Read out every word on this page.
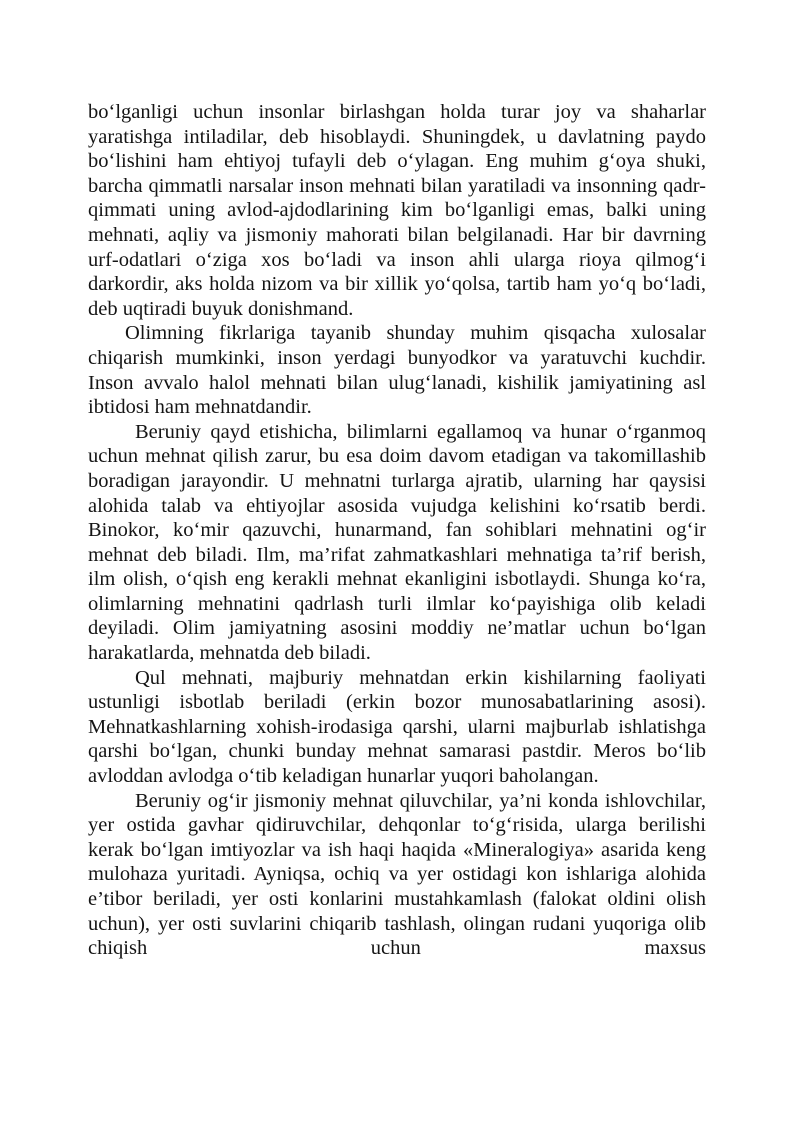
bo‘lganligi uchun insonlar birlashgan holda turar joy va shaharlar yaratishga intiladilar, deb hisoblaydi. Shuningdek, u davlatning paydo bo‘lishini ham ehtiyoj tufayli deb o‘ylagan. Eng muhim g‘oya shuki, barcha qimmatli narsalar inson mehnati bilan yaratiladi va insonning qadr-qimmati uning avlod-ajdodlarining kim bo‘lganligi emas, balki uning mehnati, aqliy va jismoniy mahorati bilan belgilanadi. Har bir davrning urf-odatlari o‘ziga xos bo‘ladi va inson ahli ularga rioya qilmog‘i darkordir, aks holda nizom va bir xillik yo‘qolsa, tartib ham yo‘q bo‘ladi, deb uqtiradi buyuk donishmand.

Olimning fikrlariga tayanib shunday muhim qisqacha xulosalar chiqarish mumkinki, inson yerdagi bunyodkor va yaratuvchi kuchdir. Inson avvalo halol mehnati bilan ulug‘lanadi, kishilik jamiyatining asl ibtidosi ham mehnatdandir.

Beruniy qayd etishicha, bilimlarni egallamoq va hunar o‘rganmoq uchun mehnat qilish zarur, bu esa doim davom etadigan va takomillashib boradigan jarayondir. U mehnatni turlarga ajratib, ularning har qaysisi alohida talab va ehtiyojlar asosida vujudga kelishini ko‘rsatib berdi. Binokor, ko‘mir qazuvchi, hunarmand, fan sohiblari mehnatini og‘ir mehnat deb biladi. Ilm, ma’rifat zahmatkashlari mehnatiga ta’rif berish, ilm olish, o‘qish eng kerakli mehnat ekanligini isbotlaydi. Shunga ko‘ra, olimlarning mehnatini qadrlash turli ilmlar ko‘payishiga olib keladi deyiladi. Olim jamiyatning asosini moddiy ne’matlar uchun bo‘lgan harakatlarda, mehnatda deb biladi.

Qul mehnati, majburiy mehnatdan erkin kishilarning faoliyati ustunligi isbotlab beriladi (erkin bozor munosabatlarining asosi). Mehnatkashlarning xohish-irodasiga qarshi, ularni majburlab ishlatishga qarshi bo‘lgan, chunki bunday mehnat samarasi pastdir. Meros bo‘lib avloddan avlodga o‘tib keladigan hunarlar yuqori baholangan.

Beruniy og‘ir jismoniy mehnat qiluvchilar, ya’ni konda ishlovchilar, yer ostida gavhar qidiruvchilar, dehqonlar to‘g‘risida, ularga berilishi kerak bo‘lgan imtiyozlar va ish haqi haqida «Mineralogiya» asarida keng mulohaza yuritadi. Ayniqsa, ochiq va yer ostidagi kon ishlariga alohida e’tibor beriladi, yer osti konlarini mustahkamlash (falokat oldini olish uchun), yer osti suvlarini chiqarib tashlash, olingan rudani yuqoriga olib chiqish uchun maxsus
